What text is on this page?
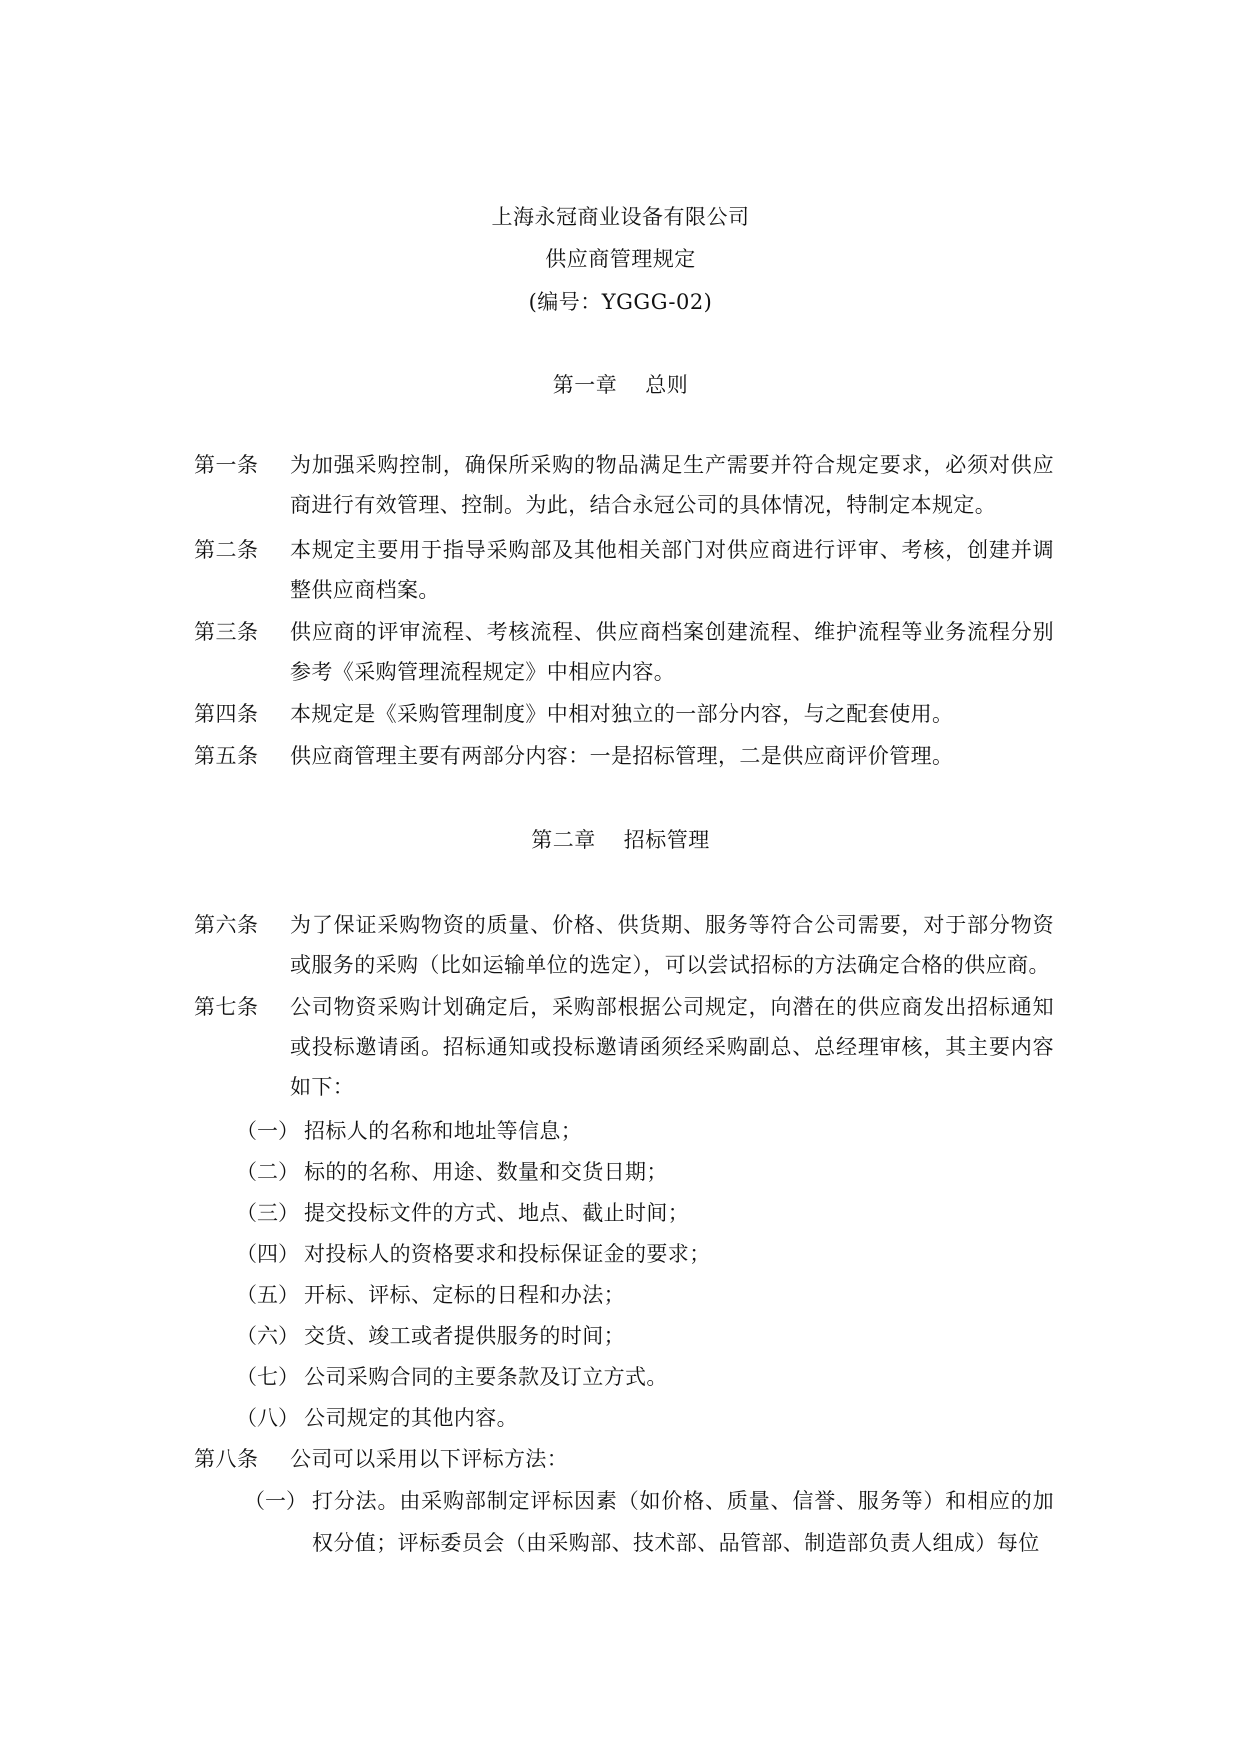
上海永冠商业设备有限公司
供应商管理规定
(编号：YGGG-02)
第一章 总则
第一条	为加强采购控制，确保所采购的物品满足生产需要并符合规定要求，必须对供应商进行有效管理、控制。为此，结合永冠公司的具体情况，特制定本规定。
第二条	本规定主要用于指导采购部及其他相关部门对供应商进行评审、考核，创建并调整供应商档案。
第三条	供应商的评审流程、考核流程、供应商档案创建流程、维护流程等业务流程分别参考《采购管理流程规定》中相应内容。
第四条	本规定是《采购管理制度》中相对独立的一部分内容，与之配套使用。
第五条	供应商管理主要有两部分内容：一是招标管理，二是供应商评价管理。
第二章 招标管理
第六条	为了保证采购物资的质量、价格、供货期、服务等符合公司需要，对于部分物资或服务的采购（比如运输单位的选定），可以尝试招标的方法确定合格的供应商。
第七条	公司物资采购计划确定后，采购部根据公司规定，向潜在的供应商发出招标通知或投标邀请函。招标通知或投标邀请函须经采购副总、总经理审核，其主要内容如下：
（一） 招标人的名称和地址等信息；
（二） 标的的名称、用途、数量和交货日期；
（三） 提交投标文件的方式、地点、截止时间；
（四） 对投标人的资格要求和投标保证金的要求；
（五） 开标、评标、定标的日程和办法；
（六） 交货、竣工或者提供服务的时间；
（七） 公司采购合同的主要条款及订立方式。
（八） 公司规定的其他内容。
第八条	公司可以采用以下评标方法：
（一） 打分法。由采购部制定评标因素（如价格、质量、信誉、服务等）和相应的加权分值；评标委员会（由采购部、技术部、品管部、制造部负责人组成）每位
